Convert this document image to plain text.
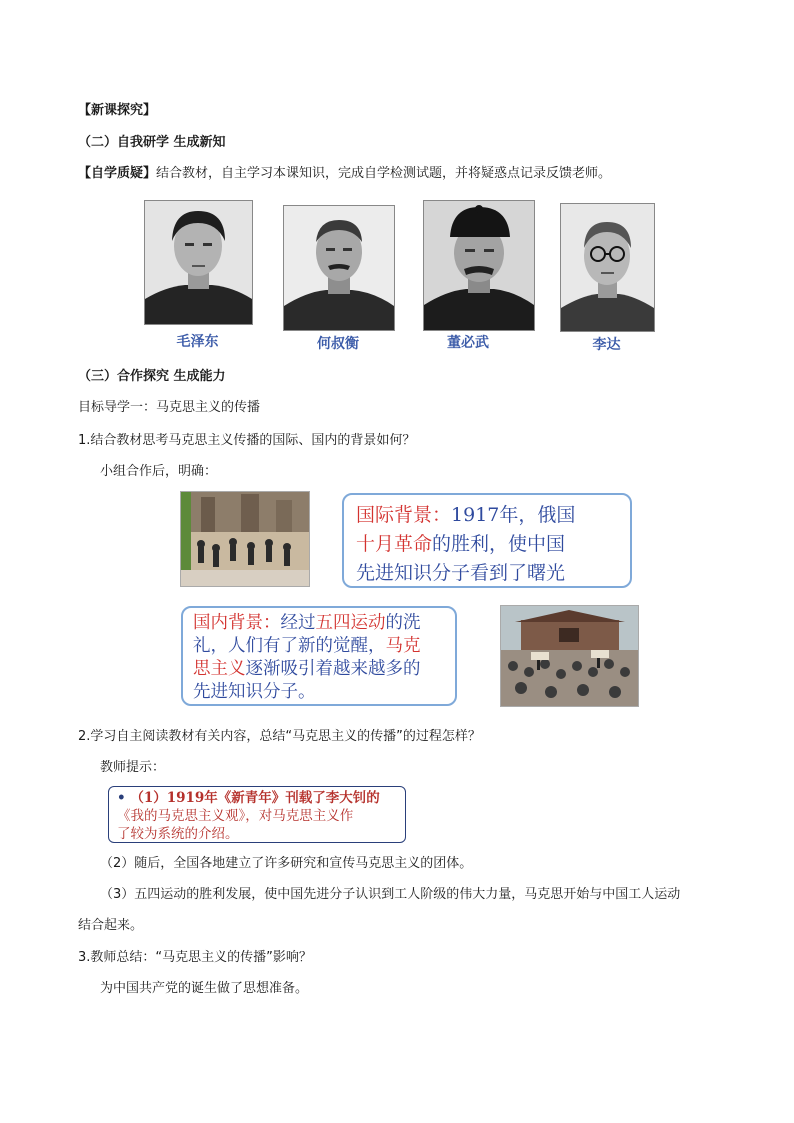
【新课探究】
（二）自我研学 生成新知
【自学质疑】结合教材，自主学习本课知识，完成自学检测试题，并将疑惑点记录反馈老师。
毛泽东	何叔衡	董必武	李达
（三）合作探究 生成能力
目标导学一：马克思主义的传播
1.结合教材思考马克思主义传播的国际、国内的背景如何？
小组合作后，明确：
国际背景：1917年，俄国
十月革命的胜利，使中国
先进知识分子看到了曙光
国内背景：经过五四运动的洗
礼，人们有了新的觉醒，马克
思主义逐渐吸引着越来越多的
先进知识分子。
2.学习自主阅读教材有关内容，总结“马克思主义的传播”的过程怎样？
教师提示：
• （1）1919年《新青年》刊载了李大钊的
《我的马克思主义观》，对马克思主义作
了较为系统的介绍。
（2）随后，全国各地建立了许多研究和宣传马克思主义的团体。
（3）五四运动的胜利发展，使中国先进分子认识到工人阶级的伟大力量，马克思开始与中国工人运动
结合起来。
3.教师总结：“马克思主义的传播”影响？
为中国共产党的诞生做了思想准备。
